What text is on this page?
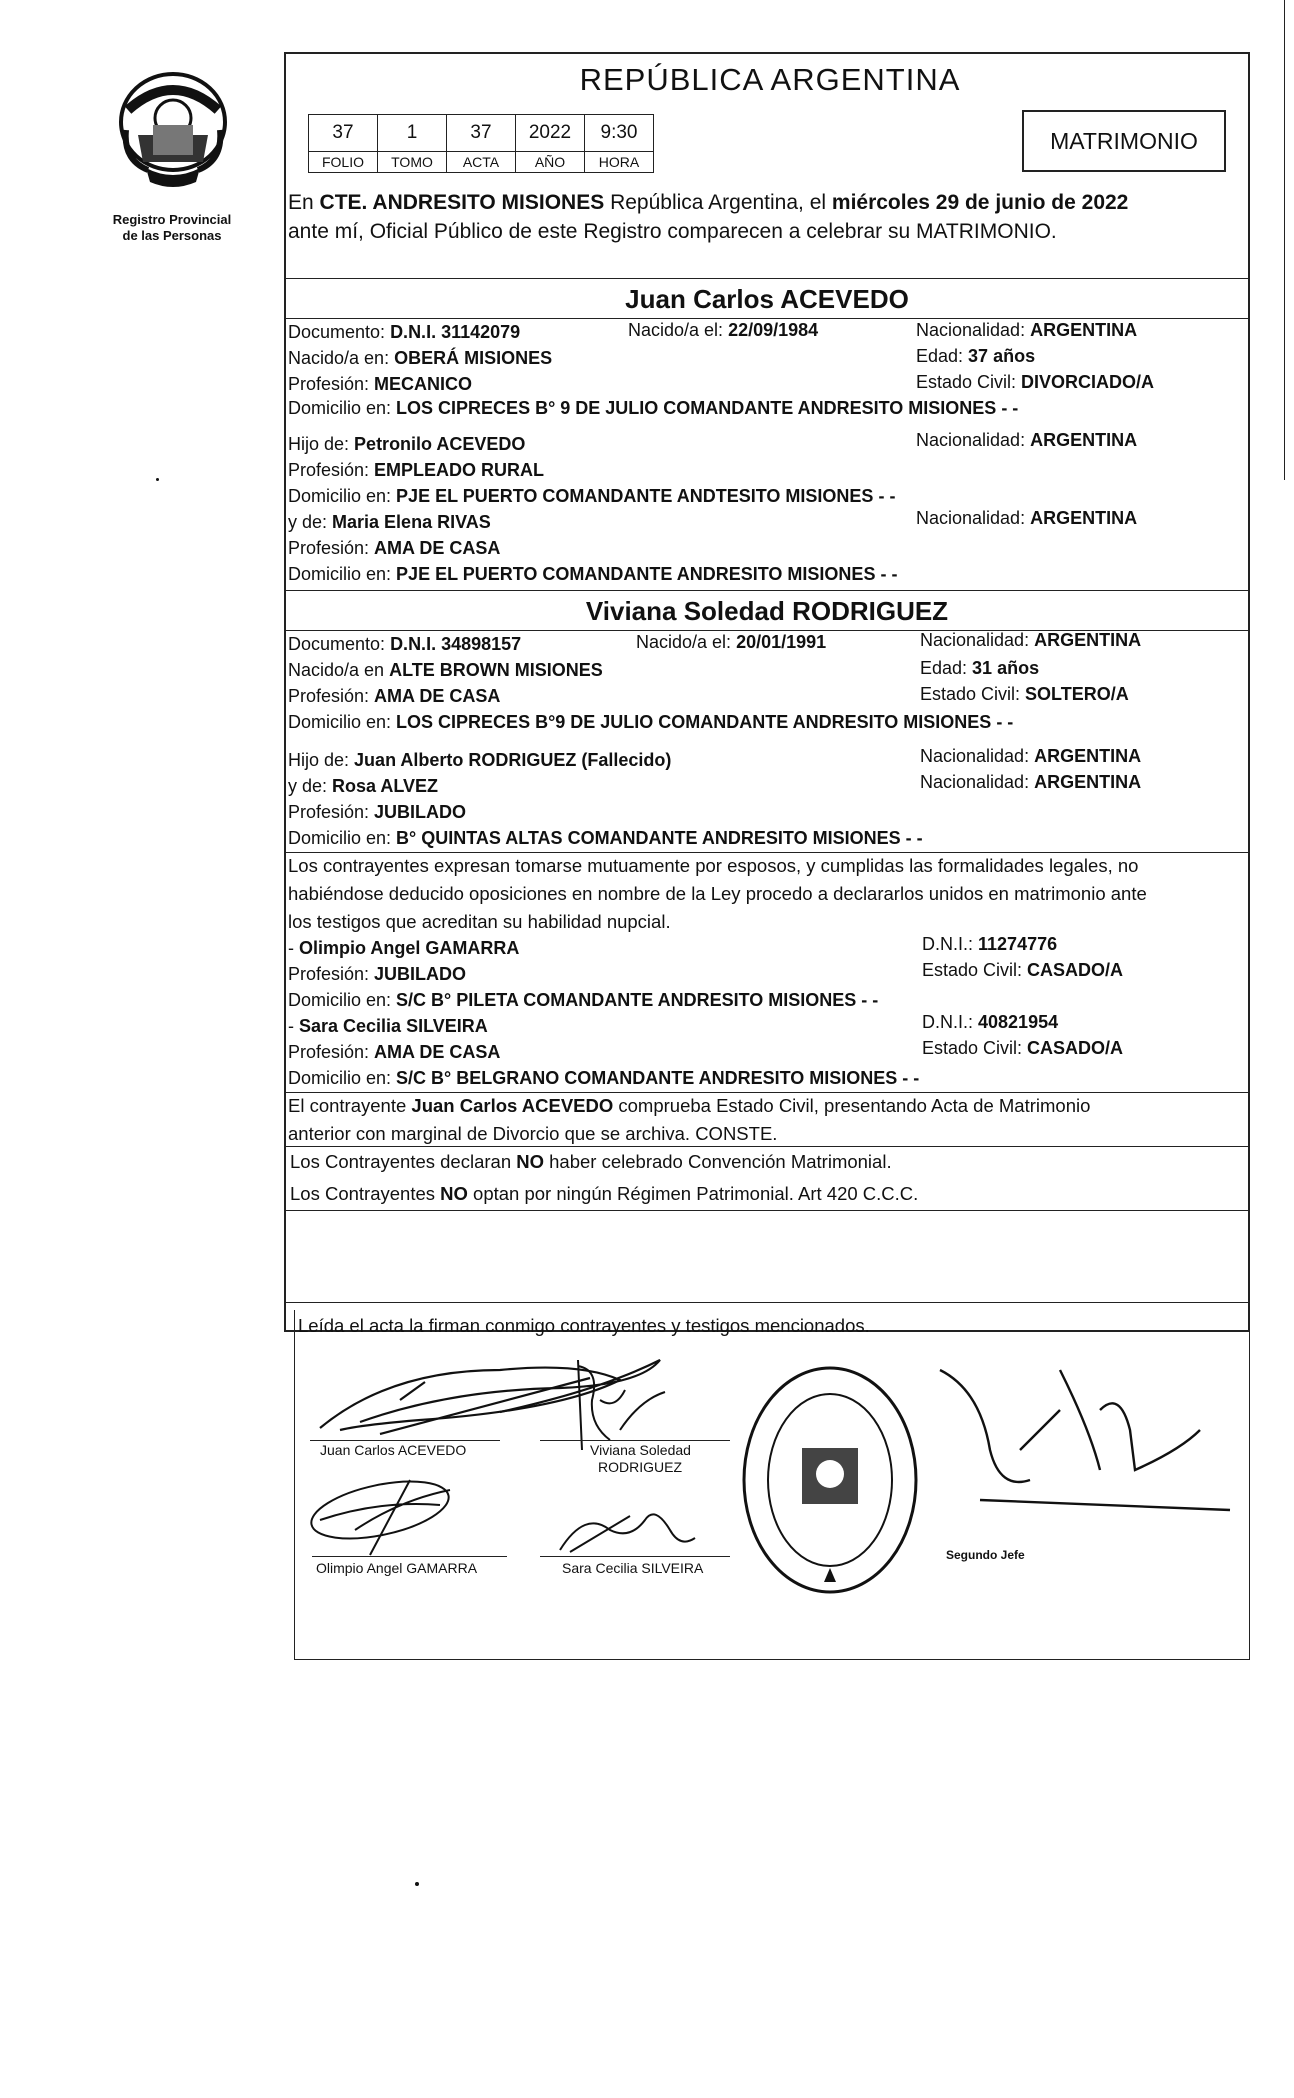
Registro Provincial
de las Personas
REPÚBLICA ARGENTINA
37	1	37	2022	9:30
FOLIO	TOMO	ACTA	AÑO	HORA
MATRIMONIO
En CTE. ANDRESITO MISIONES República Argentina, el miércoles 29 de junio de 2022
ante mí, Oficial Público de este Registro comparecen a celebrar su MATRIMONIO.
Juan Carlos ACEVEDO
Documento: D.N.I. 31142079	Nacido/a el: 22/09/1984	Nacionalidad: ARGENTINA
Nacido/a en: OBERÁ MISIONES	Edad: 37 años
Profesión: MECANICO	Estado Civil: DIVORCIADO/A
Domicilio en: LOS CIPRECES B° 9 DE JULIO COMANDANTE ANDRESITO MISIONES - -
Hijo de: Petronilo ACEVEDO	Nacionalidad: ARGENTINA
Profesión: EMPLEADO RURAL
Domicilio en: PJE EL PUERTO COMANDANTE ANDTESITO MISIONES - -
y de: Maria Elena RIVAS	Nacionalidad: ARGENTINA
Profesión: AMA DE CASA
Domicilio en: PJE EL PUERTO COMANDANTE ANDRESITO MISIONES - -
Viviana Soledad RODRIGUEZ
Documento: D.N.I. 34898157	Nacido/a el: 20/01/1991	Nacionalidad: ARGENTINA
Nacido/a en ALTE BROWN MISIONES	Edad: 31 años
Profesión: AMA DE CASA	Estado Civil: SOLTERO/A
Domicilio en: LOS CIPRECES B°9 DE JULIO COMANDANTE ANDRESITO MISIONES - -
Hijo de: Juan Alberto RODRIGUEZ (Fallecido)	Nacionalidad: ARGENTINA
y de: Rosa ALVEZ	Nacionalidad: ARGENTINA
Profesión: JUBILADO
Domicilio en: B° QUINTAS ALTAS COMANDANTE ANDRESITO MISIONES - -
Los contrayentes expresan tomarse mutuamente por esposos, y cumplidas las formalidades legales, no
habiéndose deducido oposiciones en nombre de la Ley procedo a declararlos unidos en matrimonio ante
los testigos que acreditan su habilidad nupcial.
- Olimpio Angel GAMARRA	D.N.I.: 11274776
Profesión: JUBILADO	Estado Civil: CASADO/A
Domicilio en: S/C B° PILETA COMANDANTE ANDRESITO MISIONES - -
- Sara Cecilia SILVEIRA	D.N.I.: 40821954
Profesión: AMA DE CASA	Estado Civil: CASADO/A
Domicilio en: S/C B° BELGRANO COMANDANTE ANDRESITO MISIONES - -
El contrayente Juan Carlos ACEVEDO comprueba Estado Civil, presentando Acta de Matrimonio
anterior con marginal de Divorcio que se archiva. CONSTE.
Los Contrayentes declaran NO haber celebrado Convención Matrimonial.
Los Contrayentes NO optan por ningún Régimen Patrimonial. Art 420 C.C.C.
Leída el acta la firman conmigo contrayentes y testigos mencionados.
Juan Carlos ACEVEDO	Viviana Soledad
RODRIGUEZ
Olimpio Angel GAMARRA	Sara Cecilia SILVEIRA
Segundo Jefe
